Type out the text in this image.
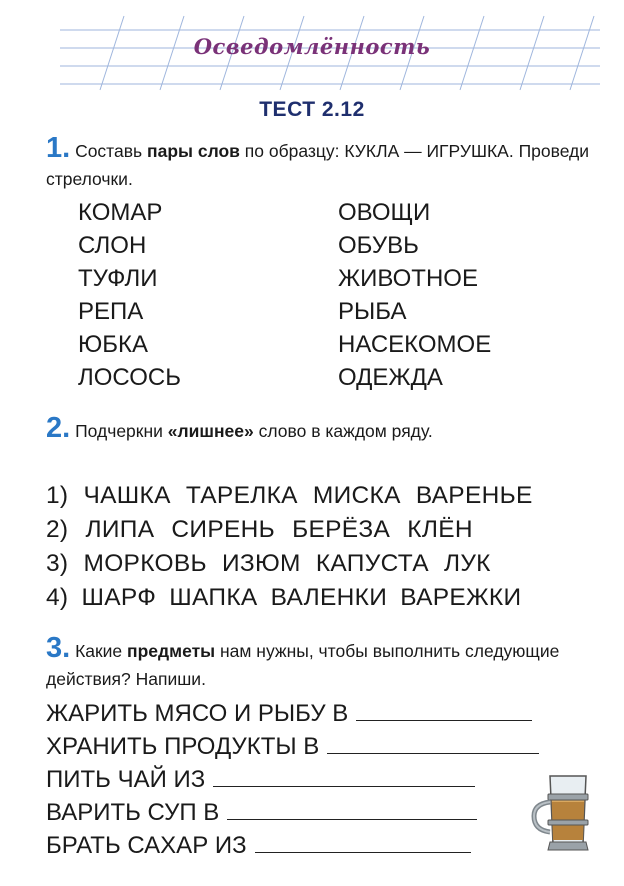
Осведомлённость
ТЕСТ 2.12
1. Составь пары слов по образцу: КУКЛА — ИГРУШКА. Проведи стрелочки.
КОМАР
СЛОН
ТУФЛИ
РЕПА
ЮБКА
ЛОСОСЬ
ОВОЩИ
ОБУВЬ
ЖИВОТНОЕ
РЫБА
НАСЕКОМОЕ
ОДЕЖДА
2. Подчеркни «лишнее» слово в каждом ряду.
1) ЧАШКА ТАРЕЛКА МИСКА ВАРЕНЬЕ
2) ЛИПА СИРЕНЬ БЕРЁЗА КЛЁН
3) МОРКОВЬ ИЗЮМ КАПУСТА ЛУК
4) ШАРФ ШАПКА ВАЛЕНКИ ВАРЕЖКИ
3. Какие предметы нам нужны, чтобы выполнить следующие действия? Напиши.
ЖАРИТЬ МЯСО И РЫБУ В
ХРАНИТЬ ПРОДУКТЫ В
ПИТЬ ЧАЙ ИЗ
ВАРИТЬ СУП В
БРАТЬ САХАР ИЗ
